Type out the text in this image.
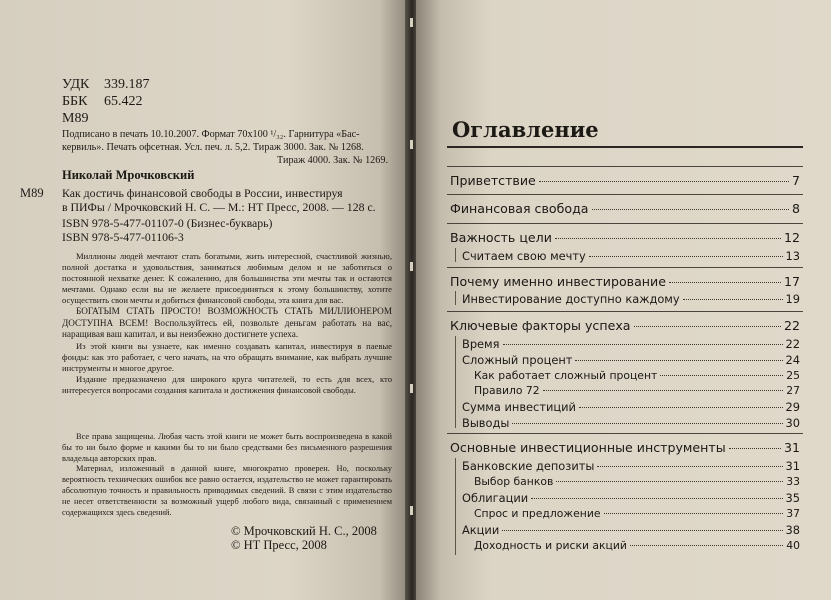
УДК	339.187
ББК	65.422
М89
Подписано в печать 10.10.2007. Формат 70х100 ¹/₃₂. Гарнитура «Бас-
кервиль». Печать офсетная. Усл. печ. л. 5,2. Тираж 3000. Зак. № 1268.
Тираж 4000. Зак. № 1269.
Николай Мрочковский
М89 Как достичь финансовой свободы в России, инвестируя
в ПИФы / Мрочковский Н. С. — М.: НТ Пресс, 2008. — 128 с.
ISBN 978-5-477-01107-0 (Бизнес-букварь)
ISBN 978-5-477-01106-3

Миллионы людей мечтают стать богатыми, жить интересной, счастливой жизнью, полной достатка и удовольствия, заниматься любимым делом и не заботиться о постоянной нехватке денег. К сожалению, для большинства эти мечты так и остаются мечтами. Однако если вы не желаете присоединяться к этому большинству, хотите осуществить свои мечты и добиться финансовой свободы, эта книга для вас.

БОГАТЫМ СТАТЬ ПРОСТО! ВОЗМОЖНОСТЬ СТАТЬ МИЛЛИОНЕРОМ ДОСТУПНА ВСЕМ! Воспользуйтесь ей, позвольте деньгам работать на вас, наращивая ваш капитал, и вы неизбежно достигнете успеха.

Из этой книги вы узнаете, как именно создавать капитал, инвестируя в паевые фонды: как это работает, с чего начать, на что обращать внимание, как выбрать лучшие инструменты и многое другое.

Издание предназначено для широкого круга читателей, то есть для всех, кто интересуется вопросами создания капитала и достижения финансовой свободы.

Все права защищены. Любая часть этой книги не может быть воспроизведена в какой бы то ни было форме и какими бы то ни было средствами без письменного разрешения владельца авторских прав.

Материал, изложенный в данной книге, многократно проверен. Но, поскольку вероятность технических ошибок все равно остается, издательство не может гарантировать абсолютную точность и правильность приводимых сведений. В связи с этим издательство не несет ответственности за возможный ущерб любого вида, связанный с применением содержащихся здесь сведений.

© Мрочковский Н. С., 2008
© НТ Пресс, 2008
Оглавление
Приветствие	7
Финансовая свобода	8
Важность цели	12
Считаем свою мечту	13
Почему именно инвестирование	17
Инвестирование доступно каждому	19
Ключевые факторы успеха	22
Время	22
Сложный процент	24
Как работает сложный процент	25
Правило 72	27
Сумма инвестиций	29
Выводы	30
Основные инвестиционные инструменты	31
Банковские депозиты	31
Выбор банков	33
Облигации	35
Спрос и предложение	37
Акции	38
Доходность и риски акций	40
